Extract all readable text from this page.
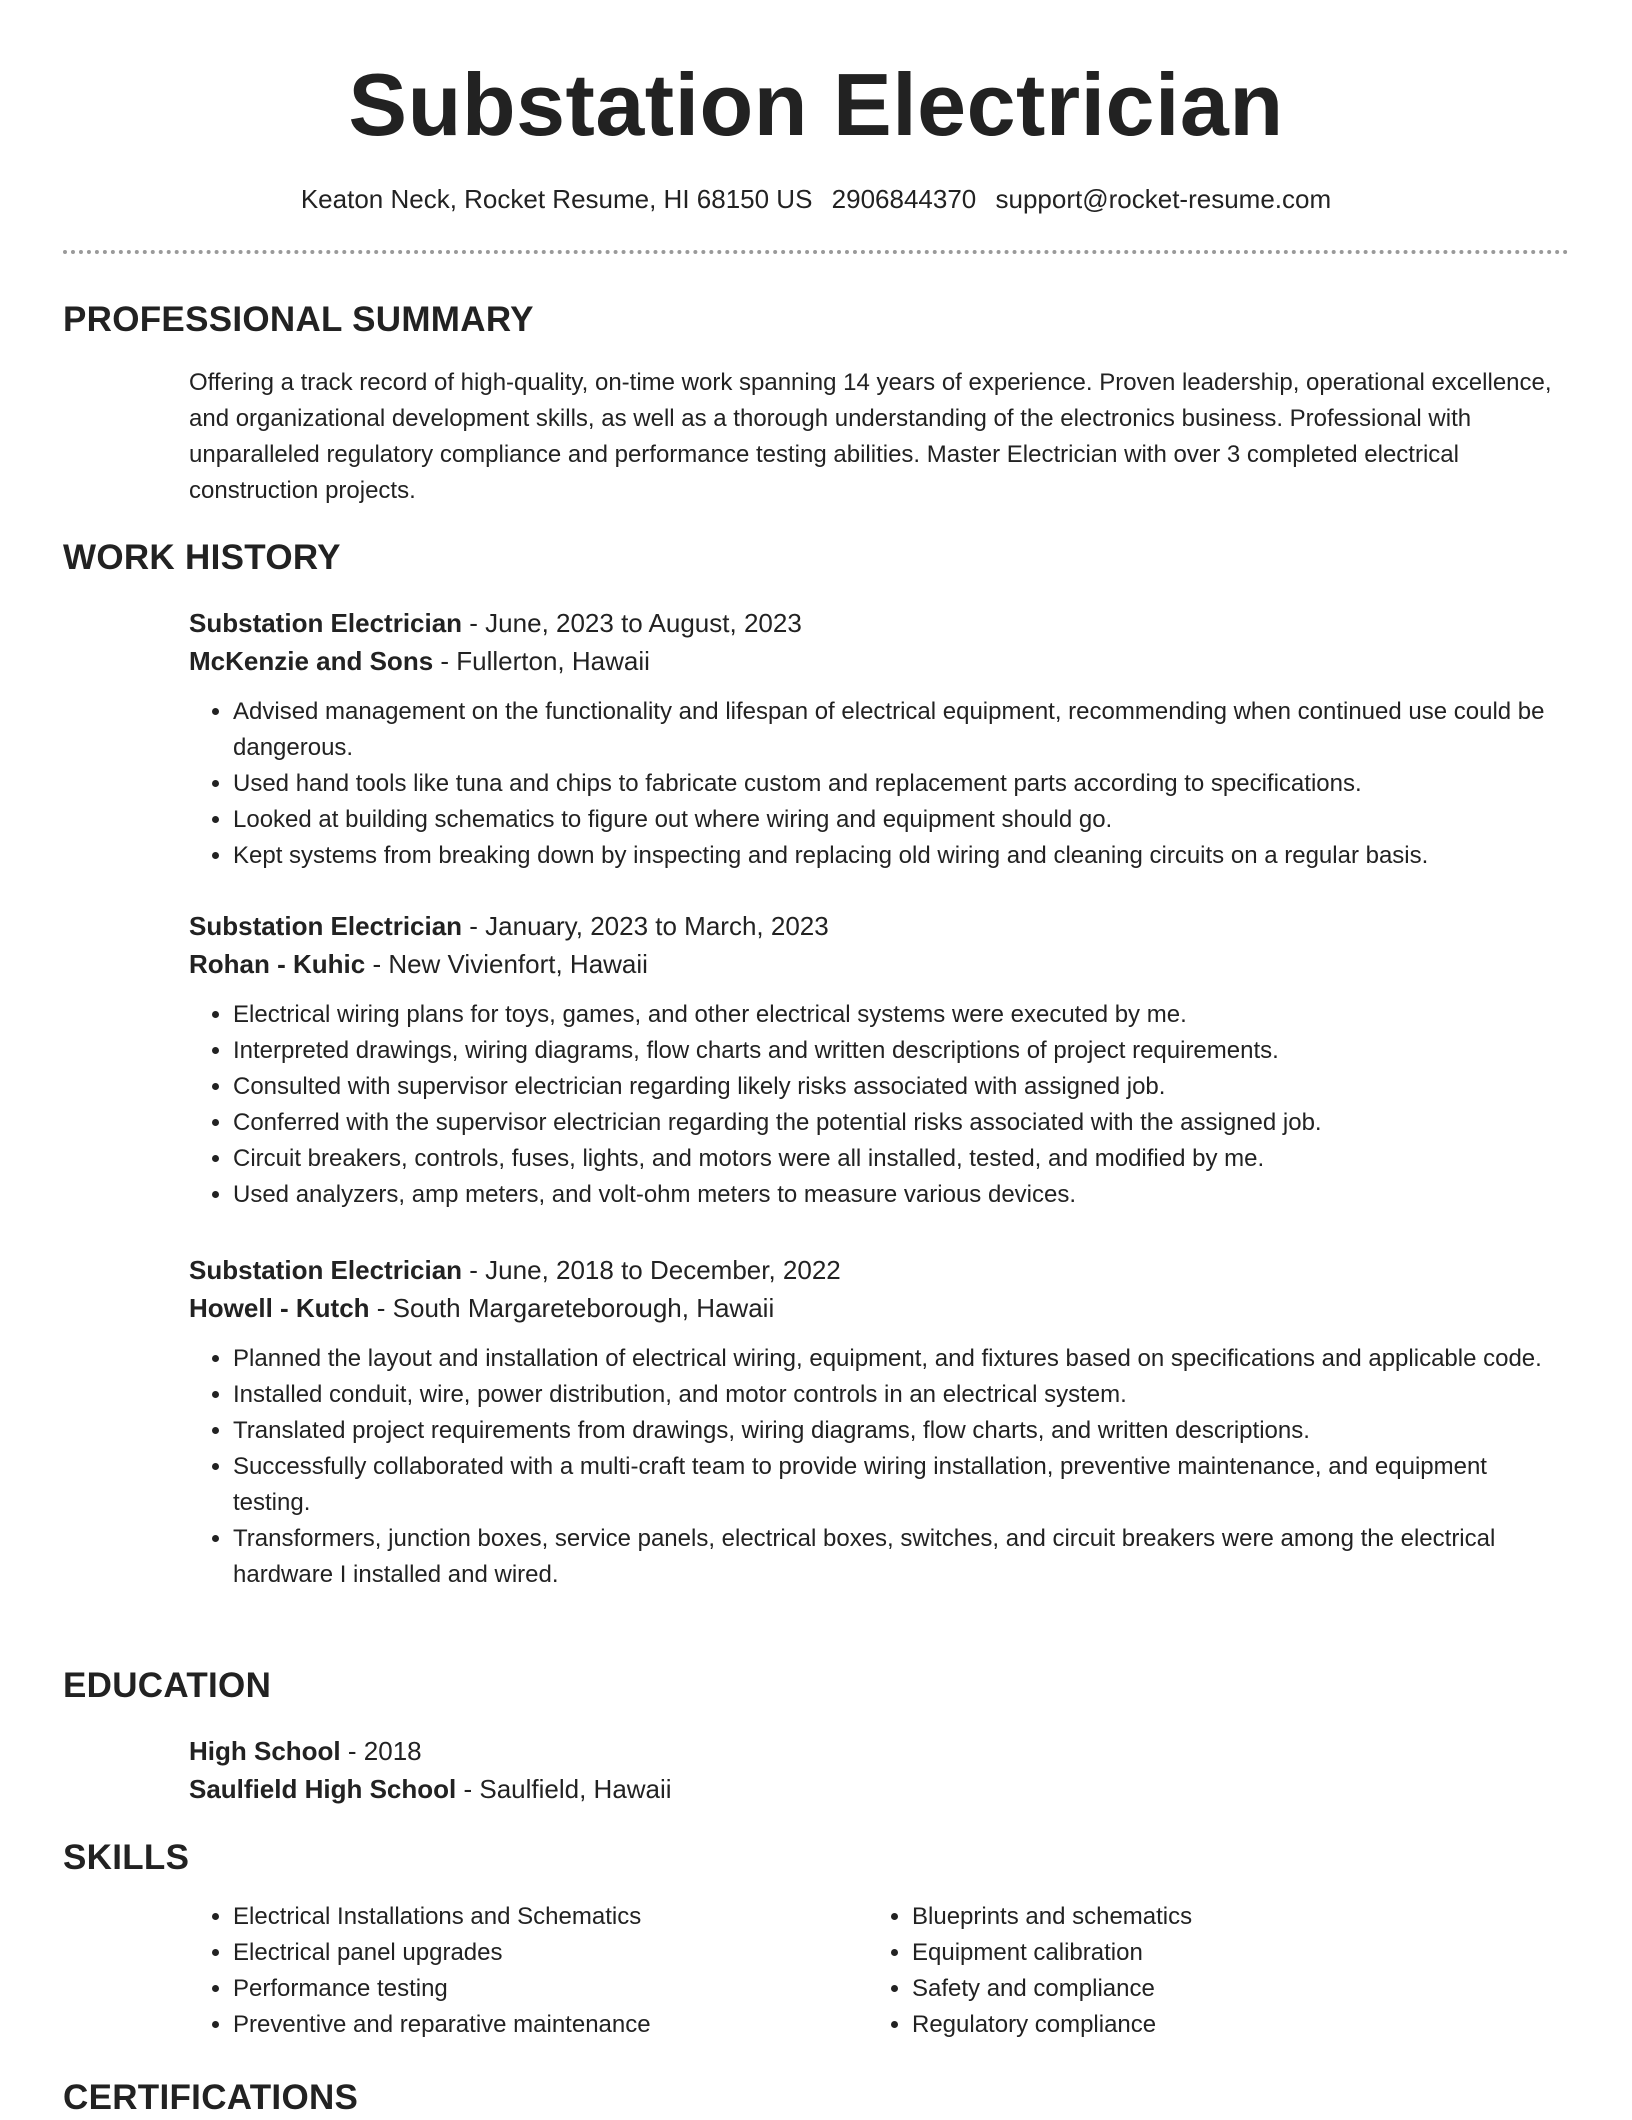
Substation Electrician
Keaton Neck, Rocket Resume, HI 68150 US 2906844370 support@rocket-resume.com
PROFESSIONAL SUMMARY
Offering a track record of high-quality, on-time work spanning 14 years of experience. Proven leadership, operational excellence, and organizational development skills, as well as a thorough understanding of the electronics business. Professional with unparalleled regulatory compliance and performance testing abilities. Master Electrician with over 3 completed electrical construction projects.
WORK HISTORY
Substation Electrician - June, 2023 to August, 2023
McKenzie and Sons - Fullerton, Hawaii
• Advised management on the functionality and lifespan of electrical equipment, recommending when continued use could be dangerous.
• Used hand tools like tuna and chips to fabricate custom and replacement parts according to specifications.
• Looked at building schematics to figure out where wiring and equipment should go.
• Kept systems from breaking down by inspecting and replacing old wiring and cleaning circuits on a regular basis.
Substation Electrician - January, 2023 to March, 2023
Rohan - Kuhic - New Vivienfort, Hawaii
• Electrical wiring plans for toys, games, and other electrical systems were executed by me.
• Interpreted drawings, wiring diagrams, flow charts and written descriptions of project requirements.
• Consulted with supervisor electrician regarding likely risks associated with assigned job.
• Conferred with the supervisor electrician regarding the potential risks associated with the assigned job.
• Circuit breakers, controls, fuses, lights, and motors were all installed, tested, and modified by me.
• Used analyzers, amp meters, and volt-ohm meters to measure various devices.
Substation Electrician - June, 2018 to December, 2022
Howell - Kutch - South Margareteborough, Hawaii
• Planned the layout and installation of electrical wiring, equipment, and fixtures based on specifications and applicable code.
• Installed conduit, wire, power distribution, and motor controls in an electrical system.
• Translated project requirements from drawings, wiring diagrams, flow charts, and written descriptions.
• Successfully collaborated with a multi-craft team to provide wiring installation, preventive maintenance, and equipment testing.
• Transformers, junction boxes, service panels, electrical boxes, switches, and circuit breakers were among the electrical hardware I installed and wired.
EDUCATION
High School - 2018
Saulfield High School - Saulfield, Hawaii
SKILLS
• Electrical Installations and Schematics
• Electrical panel upgrades
• Performance testing
• Preventive and reparative maintenance
• Blueprints and schematics
• Equipment calibration
• Safety and compliance
• Regulatory compliance
CERTIFICATIONS
